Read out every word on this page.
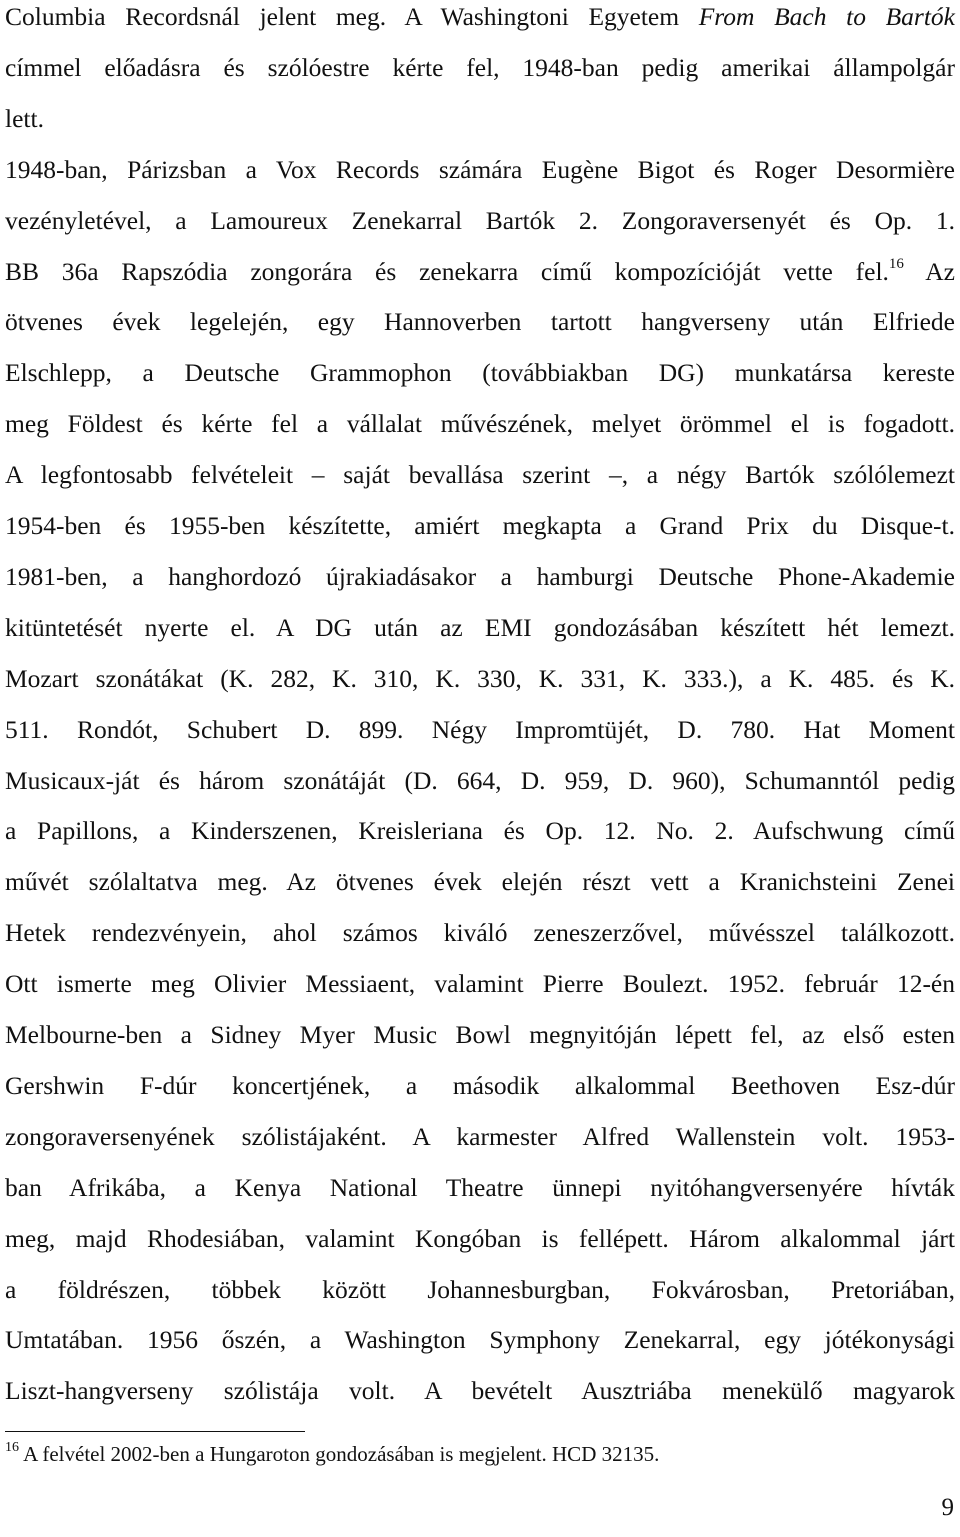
Columbia Recordsnál jelent meg. A Washingtoni Egyetem From Bach to Bartók
címmel előadásra és szólóestre kérte fel, 1948-ban pedig amerikai állampolgár
lett.
1948-ban, Párizsban a Vox Records számára Eugène Bigot és Roger Desormière
vezényletével, a Lamoureux Zenekarral Bartók 2. Zongoraversenyét és Op. 1.
BB 36a Rapszódia zongorára és zenekarra című kompozícióját vette fel.$^{16}$ Az
ötvenes évek legelején, egy Hannoverben tartott hangverseny után Elfriede
Elschlepp, a Deutsche Grammophon (továbbiakban DG) munkatársa kereste
meg Földest és kérte fel a vállalat művészének, melyet örömmel el is fogadott.
A legfontosabb felvételeit – saját bevallása szerint –, a négy Bartók szólólemezt
1954-ben és 1955-ben készítette, amiért megkapta a Grand Prix du Disque-t.
1981-ben, a hanghordozó újrakiadásakor a hamburgi Deutsche Phone-Akademie
kitüntetését nyerte el. A DG után az EMI gondozásában készített hét lemezt.
Mozart szonátákat (K. 282, K. 310, K. 330, K. 331, K. 333.), a K. 485. és K.
511. Rondót, Schubert D. 899. Négy Impromtüjét, D. 780. Hat Moment
Musicaux-ját és három szonátáját (D. 664, D. 959, D. 960), Schumanntól pedig
a Papillons, a Kinderszenen, Kreisleriana és Op. 12. No. 2. Aufschwung című
művét szólaltatva meg. Az ötvenes évek elején részt vett a Kranichsteini Zenei
Hetek rendezvényein, ahol számos kiváló zeneszerzővel, művésszel találkozott.
Ott ismerte meg Olivier Messiaent, valamint Pierre Boulezt. 1952. február 12-én
Melbourne-ben a Sidney Myer Music Bowl megnyitóján lépett fel, az első esten
Gershwin F-dúr koncertjének, a második alkalommal Beethoven Esz-dúr
zongoraversenyének szólistájaként. A karmester Alfred Wallenstein volt. 1953-
ban Afrikába, a Kenya National Theatre ünnepi nyitóhangversenyére hívták
meg, majd Rhodesiában, valamint Kongóban is fellépett. Három alkalommal járt
a földrészen, többek között Johannesburgban, Fokvárosban, Pretoriában,
Umtatában. 1956 őszén, a Washington Symphony Zenekarral, egy jótékonysági
Liszt-hangverseny szólistája volt. A bevételt Ausztriába menekülő magyarok
$^{16}$ A felvétel 2002-ben a Hungaroton gondozásában is megjelent. HCD 32135.
9
